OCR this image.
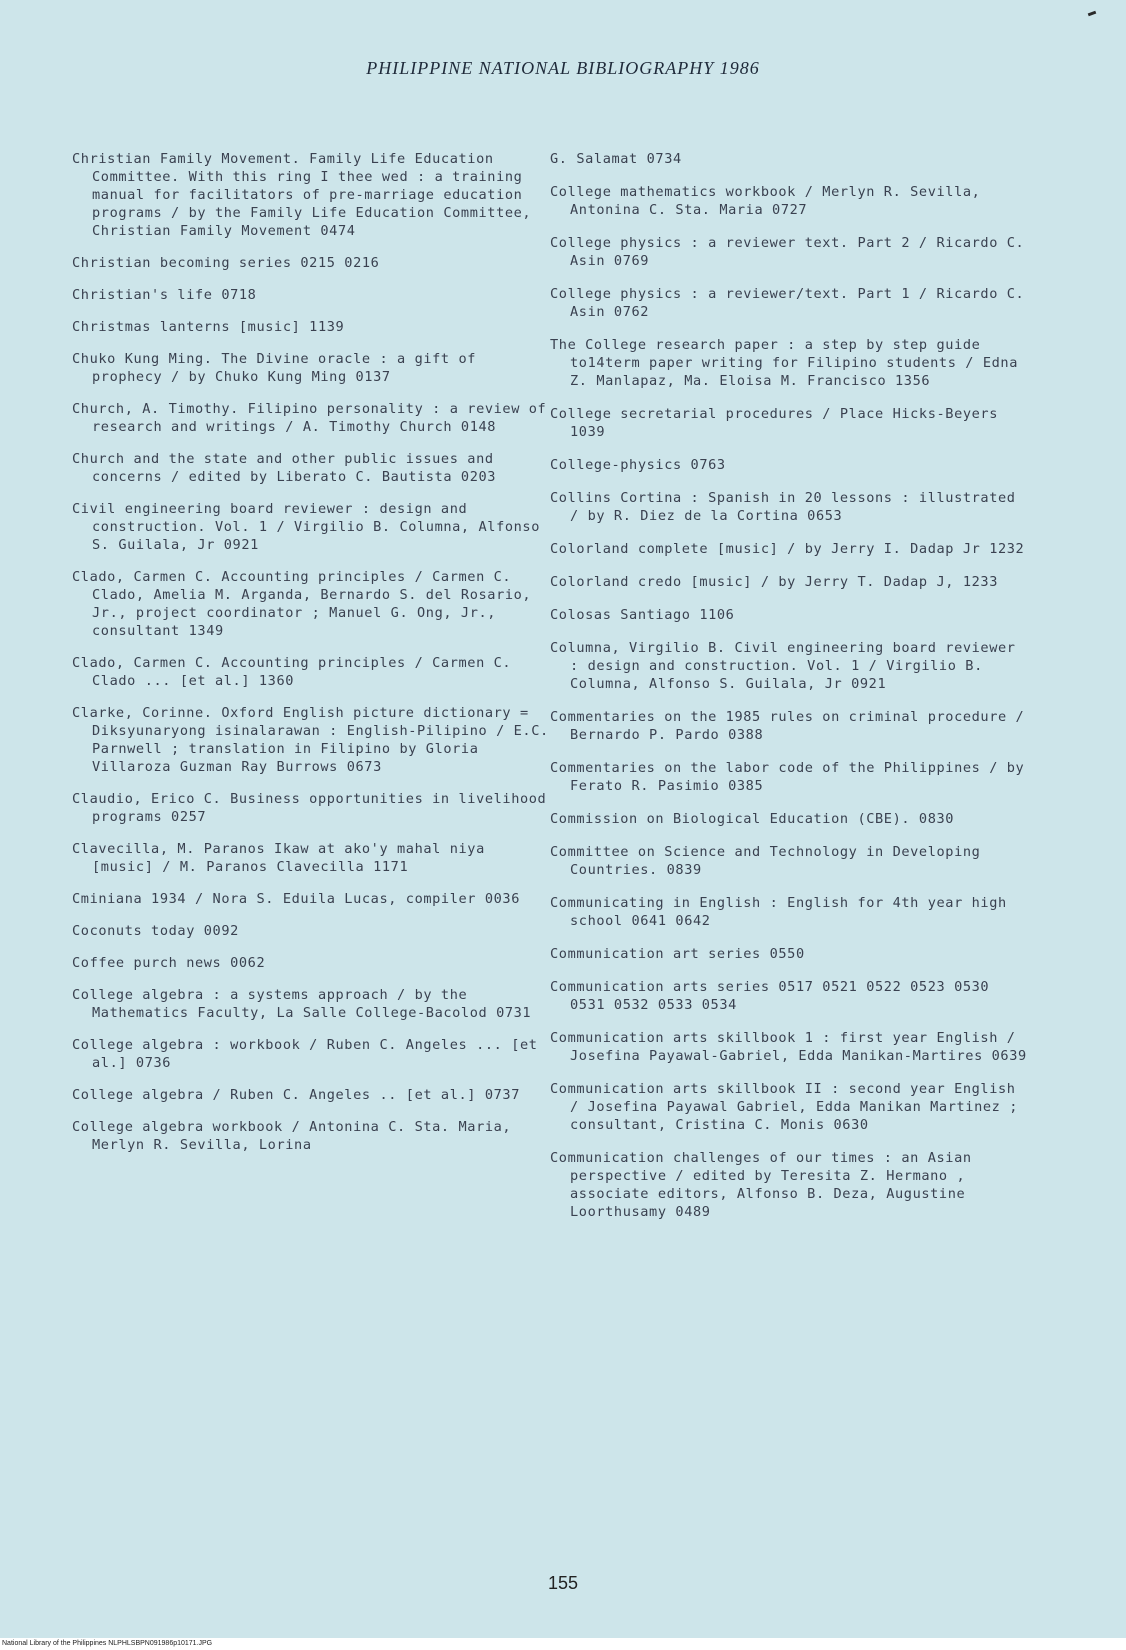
PHILIPPINE NATIONAL BIBLIOGRAPHY 1986

Christian Family Movement. Family Life Education Committee. With this ring I thee wed : a training manual for facilitators of pre-marriage education programs / by the Family Life Education Committee, Christian Family Movement 0474

Christian becoming series 0215 0216

Christian's life 0718

Christmas lanterns [music] 1139

Chuko Kung Ming. The Divine oracle : a gift of prophecy / by Chuko Kung Ming 0137

Church, A. Timothy. Filipino personality : a review of research and writings / A. Timothy Church 0148

Church and the state and other public issues and concerns / edited by Liberato C. Bautista 0203

Civil engineering board reviewer : design and construction. Vol. 1 / Virgilio B. Columna, Alfonso S. Guilala, Jr 0921

Clado, Carmen C. Accounting principles / Carmen C. Clado, Amelia M. Arganda, Bernardo S. del Rosario, Jr., project coordinator ; Manuel G. Ong, Jr., consultant 1349

Clado, Carmen C. Accounting principles / Carmen C. Clado ... [et al.] 1360

Clarke, Corinne. Oxford English picture dictionary = Diksyunaryong isinalarawan : English-Pilipino / E.C. Parnwell ; translation in Filipino by Gloria Villaroza Guzman Ray Burrows 0673

Claudio, Erico C. Business opportunities in livelihood programs 0257

Clavecilla, M. Paranos Ikaw at ako'y mahal niya [music] / M. Paranos Clavecilla 1171

Cminiana 1934 / Nora S. Eduila Lucas, compiler 0036

Coconuts today 0092

Coffee purch news 0062

College algebra : a systems approach / by the Mathematics Faculty, La Salle College-Bacolod 0731

College algebra : workbook / Ruben C. Angeles ... [et al.] 0736

College algebra / Ruben C. Angeles .. [et al.] 0737

College algebra workbook / Antonina C. Sta. Maria, Merlyn R. Sevilla, Lorina

G. Salamat 0734

College mathematics workbook / Merlyn R. Sevilla, Antonina C. Sta. Maria 0727

College physics : a reviewer text. Part 2 / Ricardo C. Asin 0769

College physics : a reviewer/text. Part 1 / Ricardo C. Asin 0762

The College research paper : a step by step guide to14term paper writing for Filipino students / Edna Z. Manlapaz, Ma. Eloisa M. Francisco 1356

College secretarial procedures / Place Hicks-Beyers 1039

College-physics 0763

Collins Cortina : Spanish in 20 lessons : illustrated / by R. Diez de la Cortina 0653

Colorland complete [music] / by Jerry I. Dadap Jr 1232

Colorland credo [music] / by Jerry T. Dadap J, 1233

Colosas Santiago 1106

Columna, Virgilio B. Civil engineering board reviewer : design and construction. Vol. 1 / Virgilio B. Columna, Alfonso S. Guilala, Jr 0921

Commentaries on the 1985 rules on criminal procedure / Bernardo P. Pardo 0388

Commentaries on the labor code of the Philippines / by Ferato R. Pasimio 0385

Commission on Biological Education (CBE). 0830

Committee on Science and Technology in Developing Countries. 0839

Communicating in English : English for 4th year high school 0641 0642

Communication art series 0550

Communication arts series 0517 0521 0522 0523 0530 0531 0532 0533 0534

Communication arts skillbook 1 : first year English / Josefina Payawal-Gabriel, Edda Manikan-Martires 0639

Communication arts skillbook II : second year English / Josefina Payawal Gabriel, Edda Manikan Martinez ; consultant, Cristina C. Monis 0630

Communication challenges of our times : an Asian perspective / edited by Teresita Z. Hermano , associate editors, Alfonso B. Deza, Augustine Loorthusamy 0489

155
National Library of the Philippines NLPHLSBPN091986p10171.JPG
